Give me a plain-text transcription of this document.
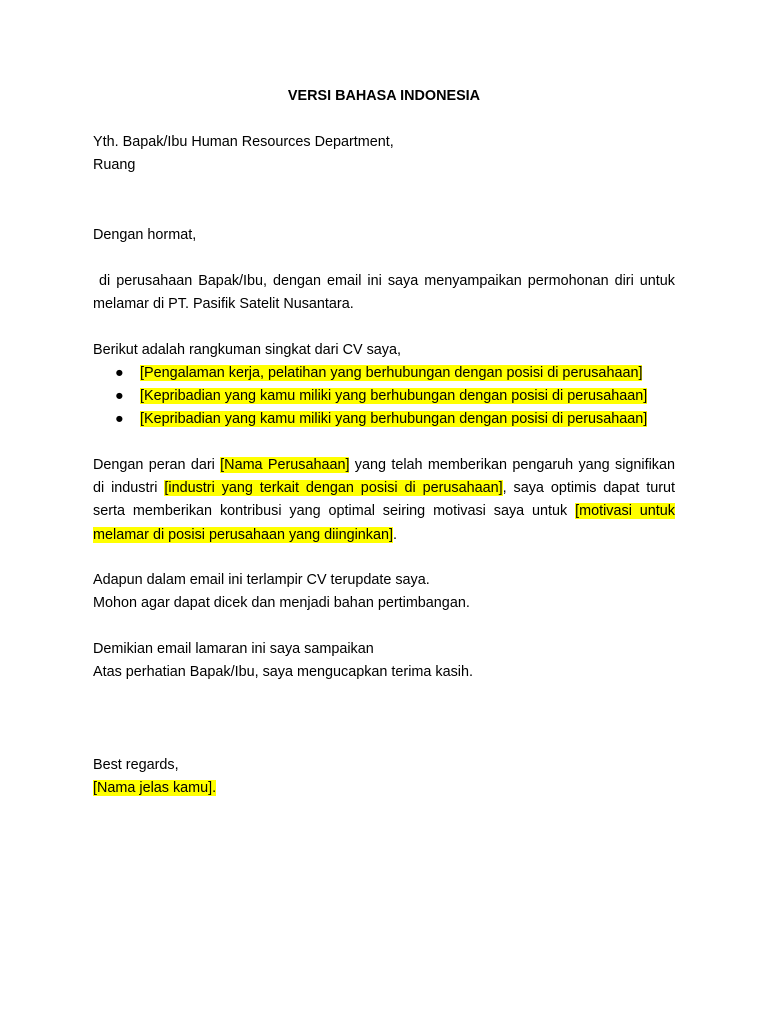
VERSI BAHASA INDONESIA
Yth. Bapak/Ibu Human Resources Department,
Ruang
Dengan hormat,
di perusahaan Bapak/Ibu, dengan email ini saya menyampaikan permohonan diri untuk
melamar di PT. Pasifik Satelit Nusantara.
Berikut adalah rangkuman singkat dari CV saya,
● [Pengalaman kerja, pelatihan yang berhubungan dengan posisi di perusahaan]
● [Kepribadian yang kamu miliki yang berhubungan dengan posisi di perusahaan]
● [Kepribadian yang kamu miliki yang berhubungan dengan posisi di perusahaan]
Dengan peran dari [Nama Perusahaan] yang telah memberikan pengaruh yang signifikan di industri [industri yang terkait dengan posisi di perusahaan], saya optimis dapat turut serta memberikan kontribusi yang optimal seiring motivasi saya untuk [motivasi untuk melamar di posisi perusahaan yang diinginkan].
Adapun dalam email ini terlampir CV terupdate saya.
Mohon agar dapat dicek dan menjadi bahan pertimbangan.
Demikian email lamaran ini saya sampaikan
Atas perhatian Bapak/Ibu, saya mengucapkan terima kasih.
Best regards,
[Nama jelas kamu].
